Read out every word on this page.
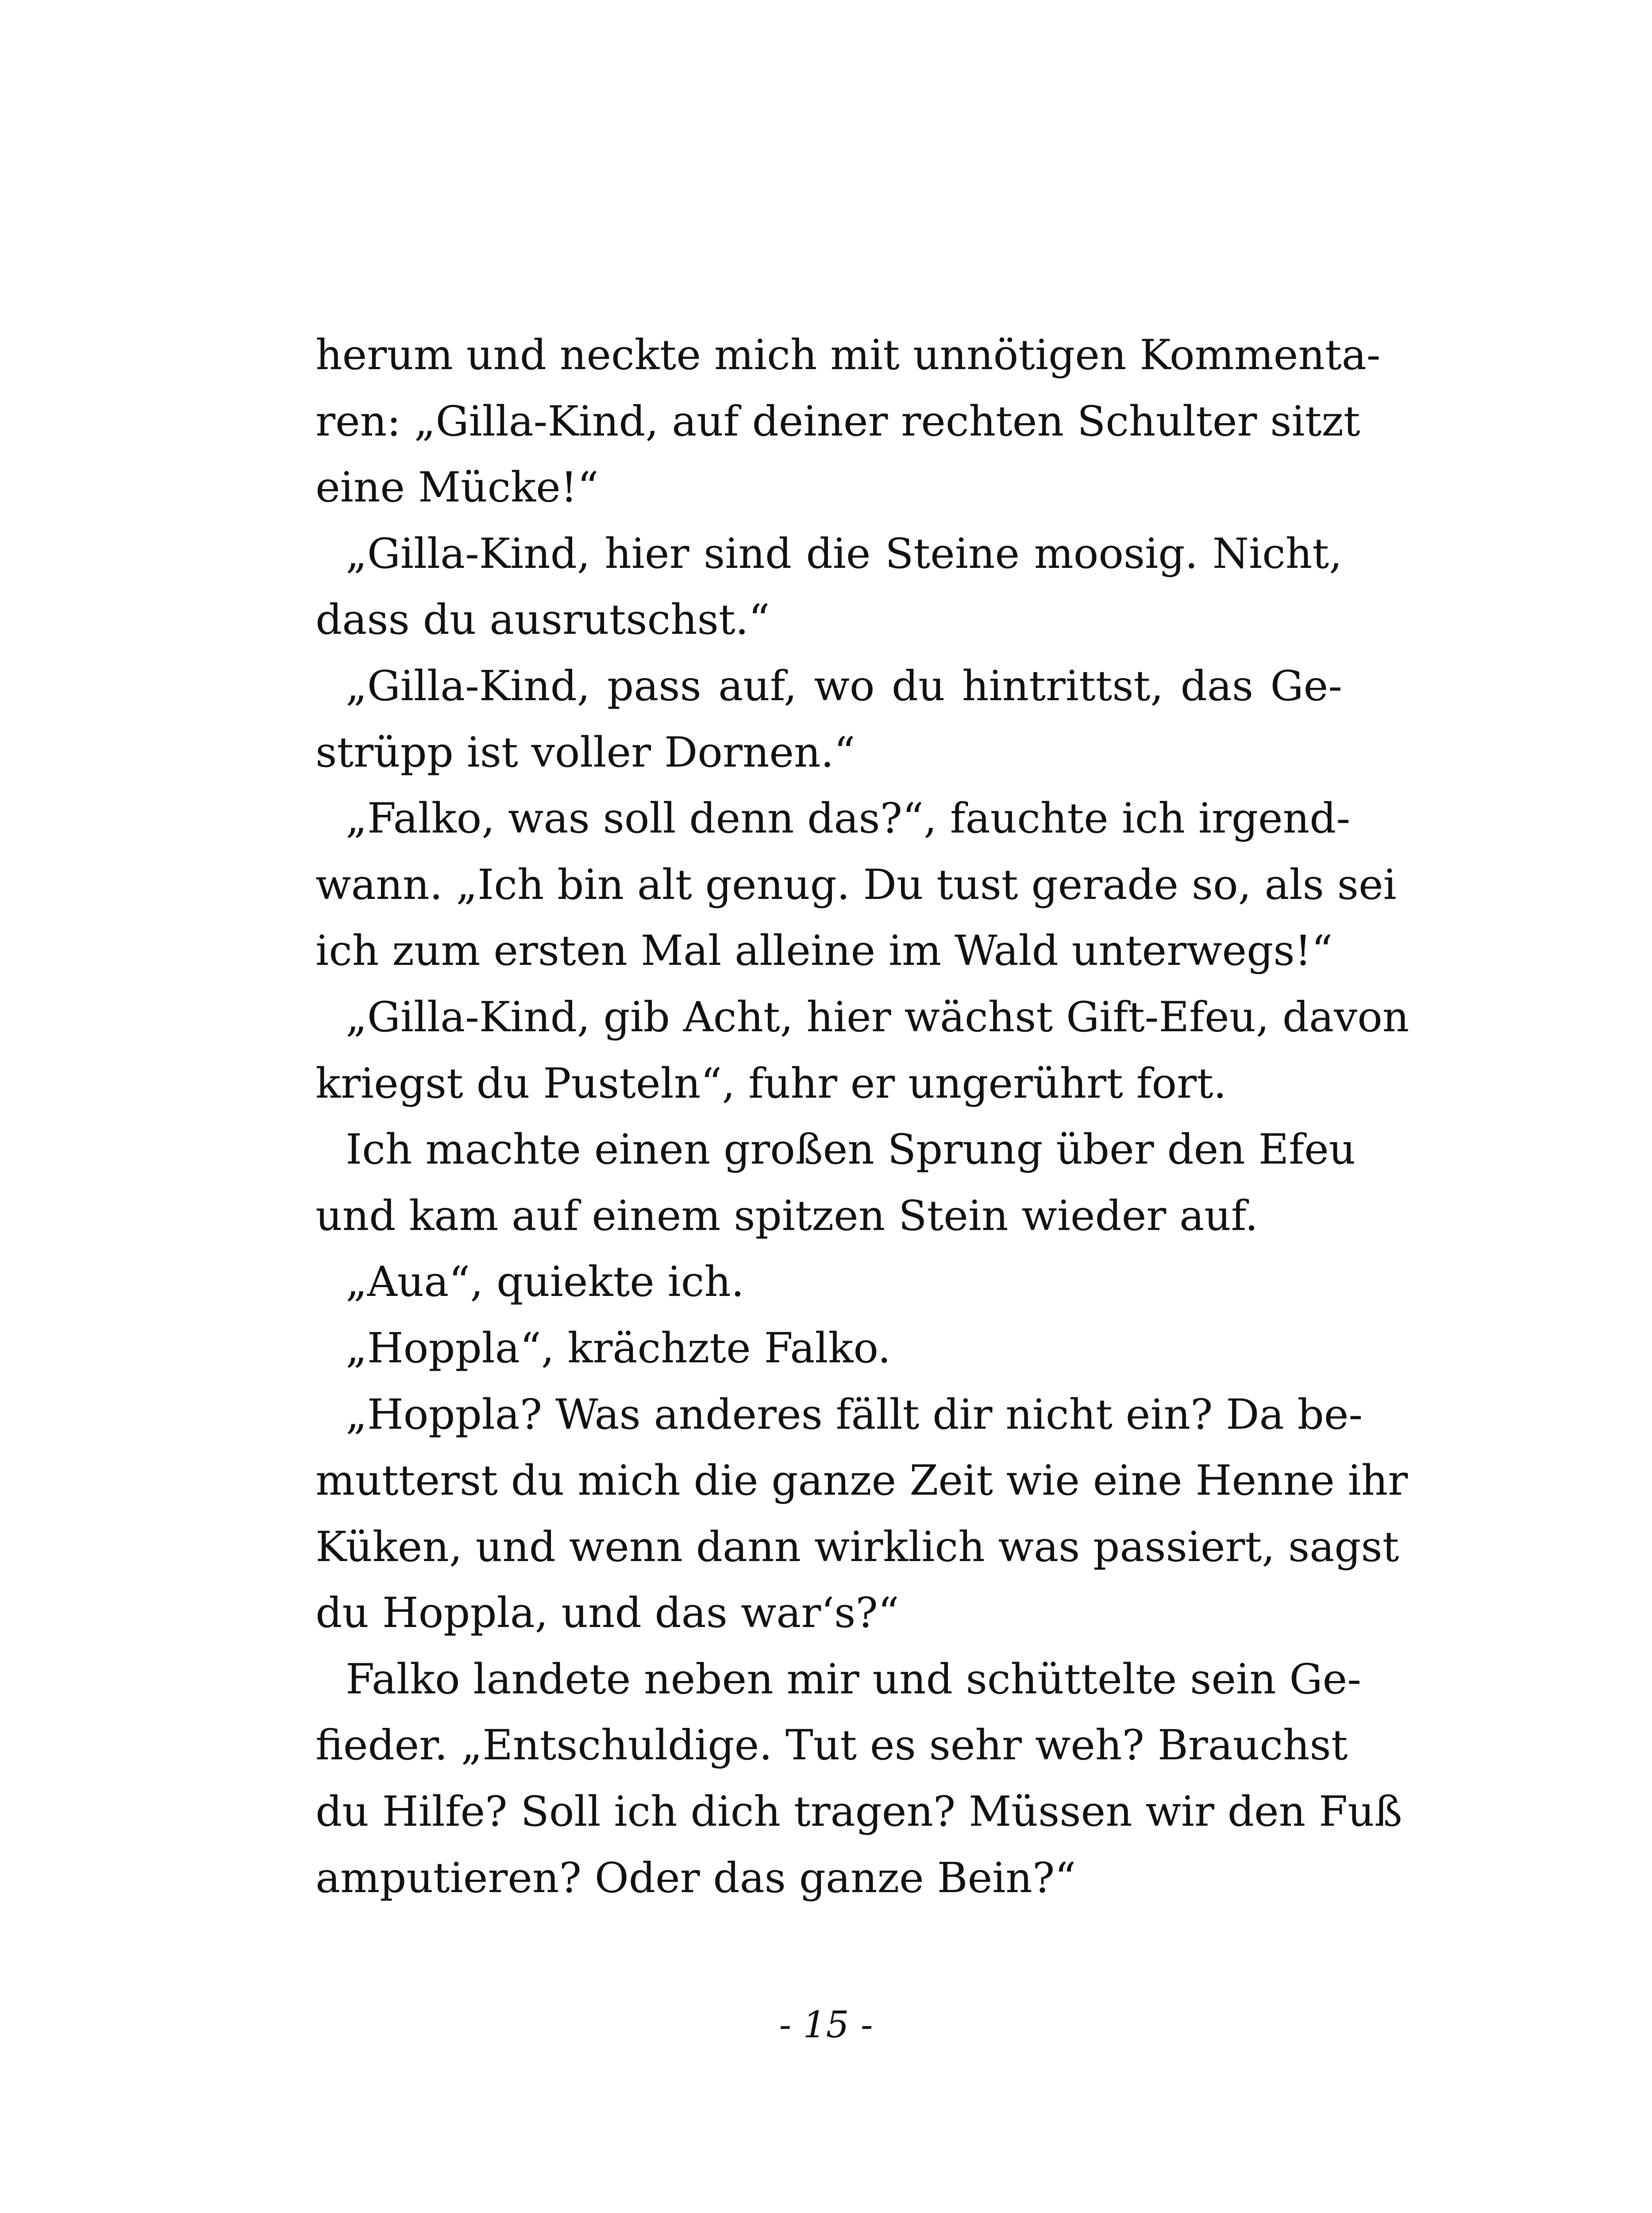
herum und neckte mich mit unnötigen Kommenta-
ren: „Gilla-Kind, auf deiner rechten Schulter sitzt
eine Mücke!“
„Gilla-Kind, hier sind die Steine moosig. Nicht,
dass du ausrutschst.“
„Gilla-Kind, pass auf, wo du hintrittst, das Ge-
strüpp ist voller Dornen.“
„Falko, was soll denn das?“, fauchte ich irgend-
wann. „Ich bin alt genug. Du tust gerade so, als sei
ich zum ersten Mal alleine im Wald unterwegs!“
„Gilla-Kind, gib Acht, hier wächst Gift-Efeu, davon
kriegst du Pusteln“, fuhr er ungerührt fort.
Ich machte einen großen Sprung über den Efeu
und kam auf einem spitzen Stein wieder auf.
„Aua“, quiekte ich.
„Hoppla“, krächzte Falko.
„Hoppla? Was anderes fällt dir nicht ein? Da be-
mutterst du mich die ganze Zeit wie eine Henne ihr
Küken, und wenn dann wirklich was passiert, sagst
du Hoppla, und das war‘s?“
Falko landete neben mir und schüttelte sein Ge-
fieder. „Entschuldige. Tut es sehr weh? Brauchst
du Hilfe? Soll ich dich tragen? Müssen wir den Fuß
amputieren? Oder das ganze Bein?“
- 15 -
